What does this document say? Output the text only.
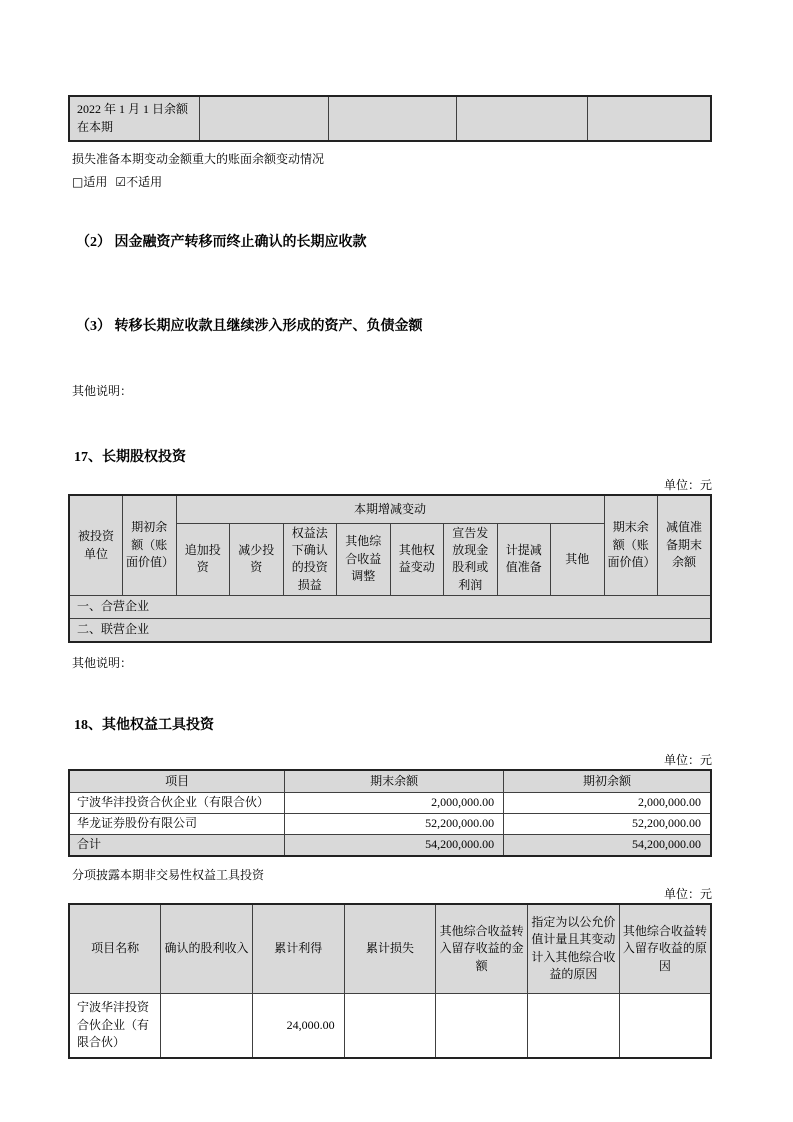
2022 年 1 月 1 日余额在本期				

损失准备本期变动金额重大的账面余额变动情况

□适用 ☑不适用

（2） 因金融资产转移而终止确认的长期应收款
（3） 转移长期应收款且继续涉入形成的资产、负债金额

其他说明：

17、长期股权投资

单位：元

被投资单位	期初余额（账面价值）	本期增减变动								期末余额（账面价值）	减值准备期末余额
		追加投资	减少投资	权益法下确认的投资损益	其他综合收益调整	其他权益变动	宣告发放现金股利或利润	计提减值准备	其他		
一、合营企业											
二、联营企业											

其他说明：

18、其他权益工具投资

单位：元

项目	期末余额	期初余额
宁波华沣投资合伙企业（有限合伙）	2,000,000.00	2,000,000.00
华龙证券股份有限公司	52,200,000.00	52,200,000.00
合计	54,200,000.00	54,200,000.00

分项披露本期非交易性权益工具投资

单位：元

项目名称	确认的股利收入	累计利得	累计损失	其他综合收益转入留存收益的金额	指定为以公允价值计量且其变动计入其他综合收益的原因	其他综合收益转入留存收益的原因
宁波华沣投资合伙企业（有限合伙）		24,000.00				
